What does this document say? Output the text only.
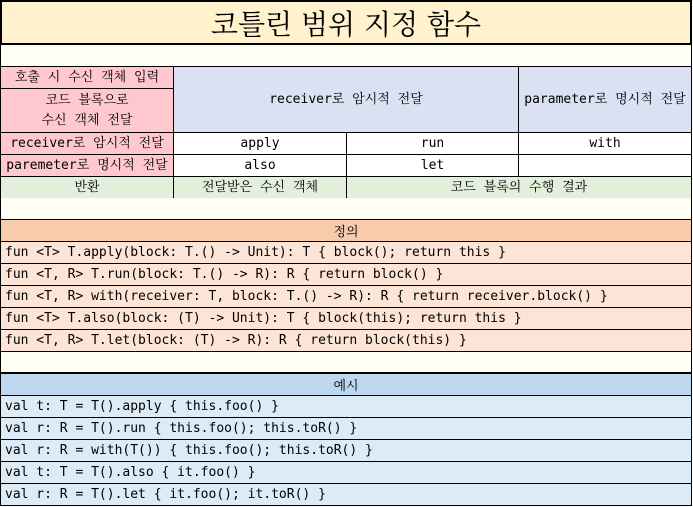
코틀린 범위 지정 함수
호출 시 수신 객체 입력
코드 블록으로
수신 객체 전달
receiver로 암시적 전달	parameter로 명시적 전달
receiver로 암시적 전달	apply	run	with
paremeter로 명시적 전달	also	let
반환	전달받은 수신 객체	코드 블록의 수행 결과
정의
fun <T> T.apply(block: T.() -> Unit): T { block(); return this }
fun <T, R> T.run(block: T.() -> R): R { return block() }
fun <T, R> with(receiver: T, block: T.() -> R): R { return receiver.block() }
fun <T> T.also(block: (T) -> Unit): T { block(this); return this }
fun <T, R> T.let(block: (T) -> R): R { return block(this) }
예시
val t: T = T().apply { this.foo() }
val r: R = T().run { this.foo(); this.toR() }
val r: R = with(T()) { this.foo(); this.toR() }
val t: T = T().also { it.foo() }
val r: R = T().let { it.foo(); it.toR() }
